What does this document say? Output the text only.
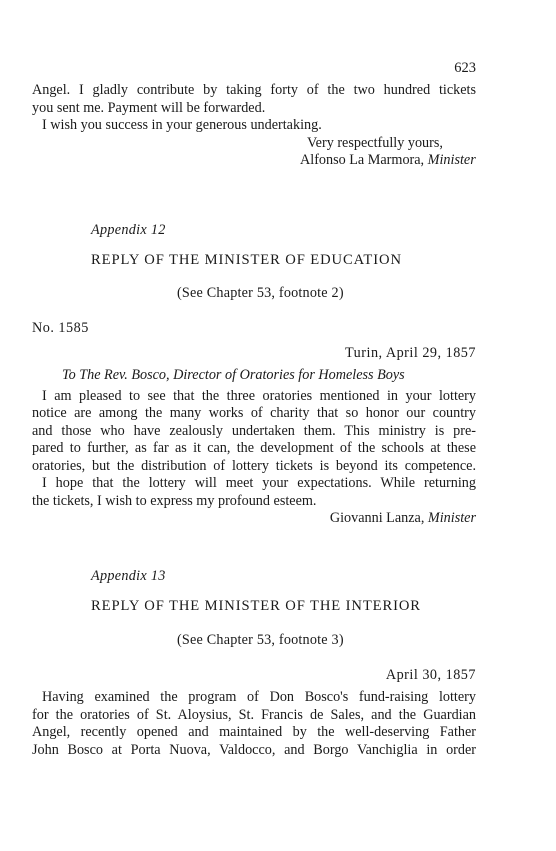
623

Angel. I gladly contribute by taking forty of the two hundred tickets

you sent me. Payment will be forwarded.

I wish you success in your generous undertaking.

Very respectfully yours,

Alfonso La Marmora, Minister

Appendix 12

REPLY OF THE MINISTER OF EDUCATION

(See Chapter 53, footnote 2)

No. 1585

Turin, April 29, 1857

To The Rev. Bosco, Director of Oratories for Homeless Boys

I am pleased to see that the three oratories mentioned in your lottery

notice are among the many works of charity that so honor our country

and those who have zealously undertaken them. This ministry is pre-

pared to further, as far as it can, the development of the schools at these

oratories, but the distribution of lottery tickets is beyond its competence.

I hope that the lottery will meet your expectations. While returning

the tickets, I wish to express my profound esteem.

Giovanni Lanza, Minister

Appendix 13

REPLY OF THE MINISTER OF THE INTERIOR

(See Chapter 53, footnote 3)

April 30, 1857

Having examined the program of Don Bosco's fund-raising lottery

for the oratories of St. Aloysius, St. Francis de Sales, and the Guardian

Angel, recently opened and maintained by the well-deserving Father

John Bosco at Porta Nuova, Valdocco, and Borgo Vanchiglia in order
